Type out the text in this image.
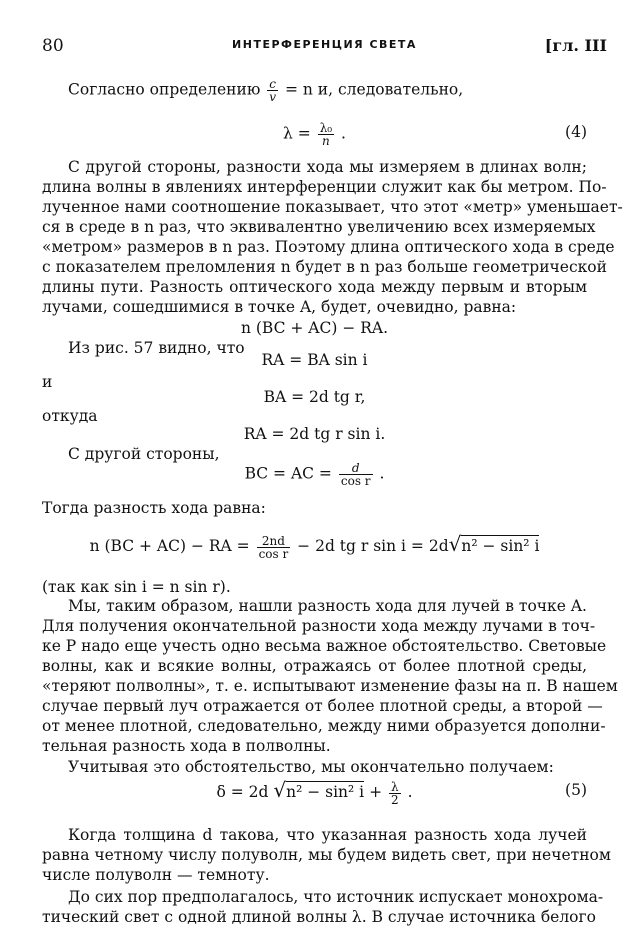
80	ИНТЕРФЕРЕНЦИЯ СВЕТА	[гл. III
Согласно определению $\frac{c}{v} = n$ и, следовательно,
$\lambda = \frac{\text{λ₀}}{n}$ .	(4)
С другой стороны, разности хода мы измеряем в длинах волн;
длина волны в явлениях интерференции служит как бы метром. По-
лученное нами соотношение показывает, что этот «метр» уменьшает-
ся в среде в n раз, что эквивалентно увеличению всех измеряемых
«метром» размеров в n раз. Поэтому длина оптического хода в среде
с показателем преломления n будет в n раз больше геометрической
длины пути. Разность оптического хода между первым и вторым
лучами, сошедшимися в точке A, будет, очевидно, равна:
n (BC + AC) − RA.
Из рис. 57 видно, что
RA = BA sin i
и
BA = 2d tg r,
откуда
RA = 2d tg r sin i.
С другой стороны,
BC = AC = $\frac{d}{\text{cos r}}$ .
Тогда разность хода равна:
n (BC + AC) − RA = $\frac{2nd}{\text{cos r}} - 2d$ tg r sin i = 2d√n² − sin² i
(так как sin i = n sin r).
Мы, таким образом, нашли разность хода для лучей в точке A.
Для получения окончательной разности хода между лучами в точ-
ке P надо еще учесть одно весьма важное обстоятельство. Световые
волны, как и всякие волны, отражаясь от более плотной среды,
«теряют полволны», т. е. испытывают изменение фазы на π. В нашем
случае первый луч отражается от более плотной среды, а второй —
от менее плотной, следовательно, между ними образуется дополни-
тельная разность хода в полволны.
Учитывая это обстоятельство, мы окончательно получаем:
δ = 2d √n² − sin² $i + \frac{\lambda}{2}$ .	(5)
Когда толщина d такова, что указанная разность хода лучей
равна четному числу полуволн, мы будем видеть свет, при нечетном
числе полуволн — темноту.
До сих пор предполагалось, что источник испускает монохрома-
тический свет с одной длиной волны λ. В случае источника белого
